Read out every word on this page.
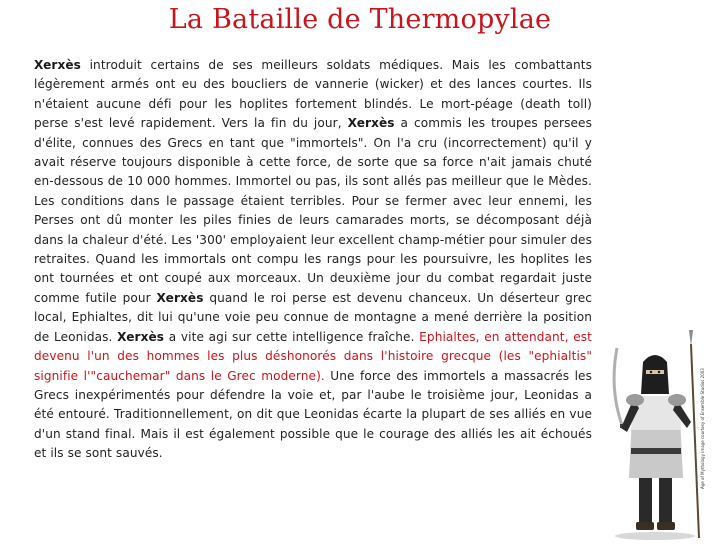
La Bataille de Thermopylae
Xerxès introduit certains de ses meilleurs soldats médiques. Mais les combattants légèrement armés ont eu des boucliers de vannerie (wicker) et des lances courtes. Ils n'étaient aucune défi pour les hoplites fortement blindés. Le mort-péage (death toll) perse s'est levé rapidement. Vers la fin du jour, Xerxès a commis les troupes persees d'élite, connues des Grecs en tant que "immortels". On l'a cru (incorrectement) qu'il y avait réserve toujours disponible à cette force, de sorte que sa force n'ait jamais chuté en-dessous de 10 000 hommes. Immortel ou pas, ils sont allés pas meilleur que le Mèdes. Les conditions dans le passage étaient terribles. Pour se fermer avec leur ennemi, les Perses ont dû monter les piles finies de leurs camarades morts, se décomposant déjà dans la chaleur d'été. Les '300' employaient leur excellent champ-métier pour simuler des retraites. Quand les immortals ont compu les rangs pour les poursuivre, les hoplites les ont tournées et ont coupé aux morceaux. Un deuxième jour du combat regardait juste comme futile pour Xerxès quand le roi perse est devenu chanceux. Un déserteur grec local, Ephialtes, dit lui qu'une voie peu connue de montagne a mené derrière la position de Leonidas. Xerxès a vite agi sur cette intelligence fraîche. Ephialtes, en attendant, est devenu l'un des hommes les plus déshonorés dans l'histoire grecque (les "ephialtis" signifie l'"cauchemar" dans le Grec moderne). Une force des immortels a massacrés les Grecs inexpérimentés pour défendre la voie et, par l'aube le troisième jour, Leonidas a été entouré. Traditionnellement, on dit que Leonidas écarte la plupart de ses alliés en vue d'un stand final. Mais il est également possible que le courage des alliés les ait échoués et ils se sont sauvés.	Age of Mythology image courtesy of Ensemble Studios 2003
